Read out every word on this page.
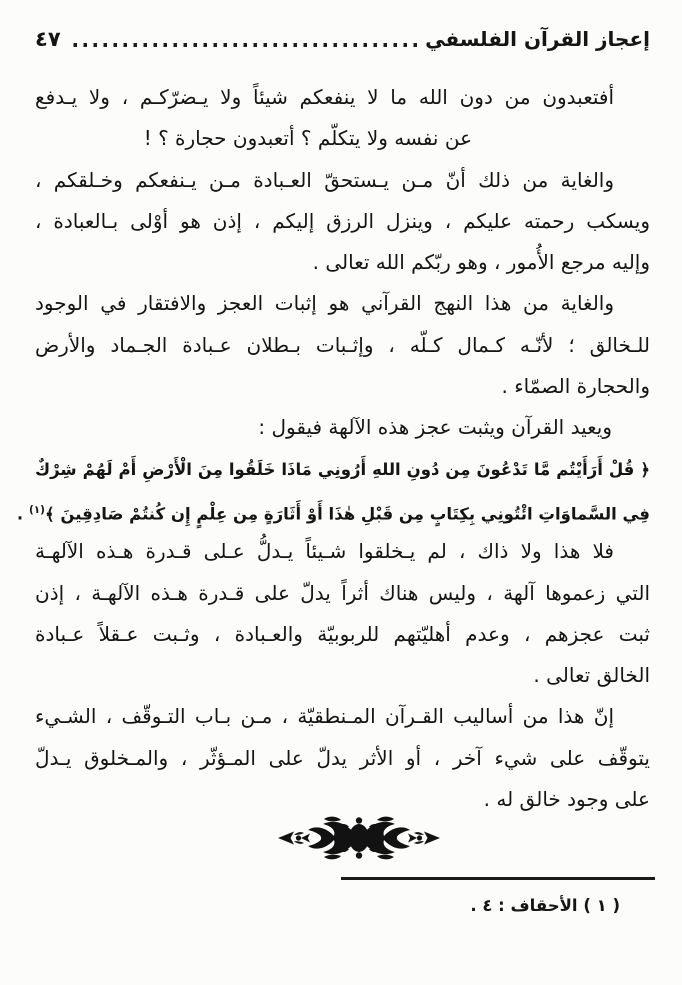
إعجاز القرآن الفلسفي
٤٧
أفتعبدون من دون الله ما لا ينفعكم شيئاً ولا يـضرّكـم ، ولا يـدفع
عن نفسه ولا يتكلّم ؟ أتعبدون حجارة ؟ !
والغاية من ذلك أنّ مـن يـستحقّ العـبادة مـن يـنفعكم وخـلقكم ،
ويسكب رحمته عليكم ، وينزل الرزق إليكم ، إذن هو أوْلى بـالعبادة ،
وإليه مرجع الأُمور ، وهو ربّكم الله تعالى .
والغاية من هذا النهج القرآني هو إثبات العجز والافتقار في الوجود
للـخالق ؛ لأنّـه كـمال كـلّه ، وإثـبات بـطلان عـبادة الجـماد والأرض
والحجارة الصمّاء .
ويعيد القرآن ويثبت عجز هذه الآلهة فيقول :
﴿ قُلْ أَرَأَيْتُم مَّا تَدْعُونَ مِن دُونِ اللهِ أَرُونِي مَاذَا خَلَقُوا مِنَ الْأَرْضِ أَمْ لَهُمْ شِرْكٌ
فِي السَّماوَاتِ ائْتُونِي بِكِتَابٍ مِن قَبْلِ هٰذَا أَوْ أَثَارَةٍ مِن عِلْمٍ إِن كُنتُمْ صَادِقِينَ ﴾$^{(١)}$ .
فلا هذا ولا ذاك ، لم يـخلقوا شـيئاً يـدلُّ عـلى قـدرة هـذه الآلهـة
التي زعموها آلهة ، وليس هناك أثراً يدلّ على قـدرة هـذه الآلهـة ، إذن
ثبت عجزهم ، وعدم أهليّتهم للربوبيّة والعـبادة ، وثـبت عـقلاً عـبادة
الخالق تعالى .
إنّ هذا من أساليب القـرآن المـنطقيّة ، مـن بـاب التـوقّف ، الشـيء
يتوقّف على شيء آخر ، أو الأثر يدلّ على المـؤثّر ، والمـخلوق يـدلّ
على وجود خالق له .
( ١ ) الأحقاف : ٤ .
